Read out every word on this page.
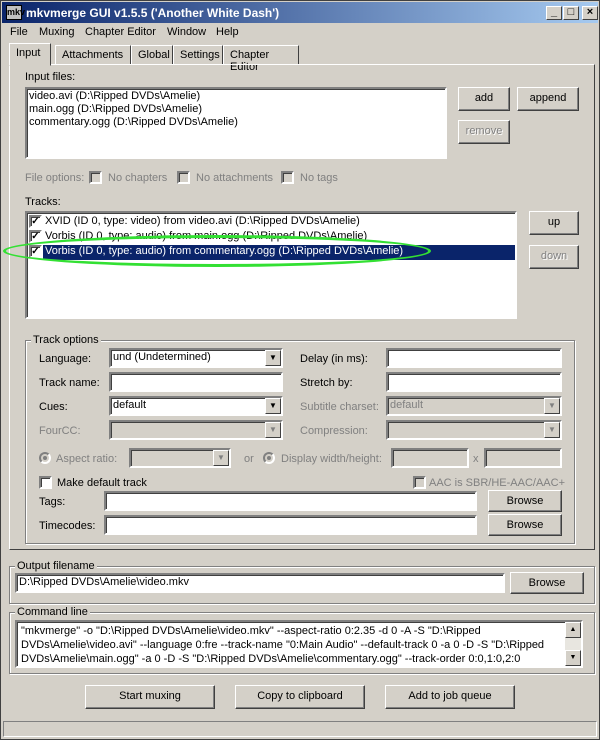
mkv mkvmerge GUI v1.5.5 ('Another White Dash')	_ □	×
File Muxing Chapter Editor Window Help
Input	Attachments	Global Settings Chapter Editor
Input files:
video.avi (D:\Ripped DVDs\Amelie)
main.ogg (D:\Ripped DVDs\Amelie)
commentary.ogg (D:\Ripped DVDs\Amelie)
add	append
remove
File options: No chapters	No attachments No tags
Tracks:
✓ XVID (ID 0, type: video) from video.avi (D:\Ripped DVDs\Amelie)
✓ Vorbis (ID 0, type: audio) from main.ogg (D:\Ripped DVDs\Amelie)
✓ Vorbis (ID 0, type: audio) from commentary.ogg (D:\Ripped DVDs\Amelie)
up
down
Track options
Language: und (Undetermined)	▼	Delay (in ms):
Track name:	Stretch by:
Cues:	default	▼	Subtitle charset: default	▼
FourCC:	▼	Compression:	▼
Aspect ratio:	▼	or Display width/height:	x
Make default track	AAC is SBR/HE-AAC/AAC+
Tags:	Browse
Timecodes:	Browse
Output filename
D:\Ripped DVDs\Amelie\video.mkv	Browse
Command line
"mkvmerge" -o "D:\Ripped DVDs\Amelie\video.mkv" --aspect-ratio 0:2.35 -d 0 -A -S "D:\Ripped DVDs\Amelie\video.avi" --language 0:fre --track-name "0:Main Audio" --default-track 0 -a 0 -D -S "D:\Ripped DVDs\Amelie\main.ogg" -a 0 -D -S "D:\Ripped DVDs\Amelie\commentary.ogg" --track-order 0:0,1:0,2:0
▲
▼
Start muxing	Copy to clipboard	Add to job queue
